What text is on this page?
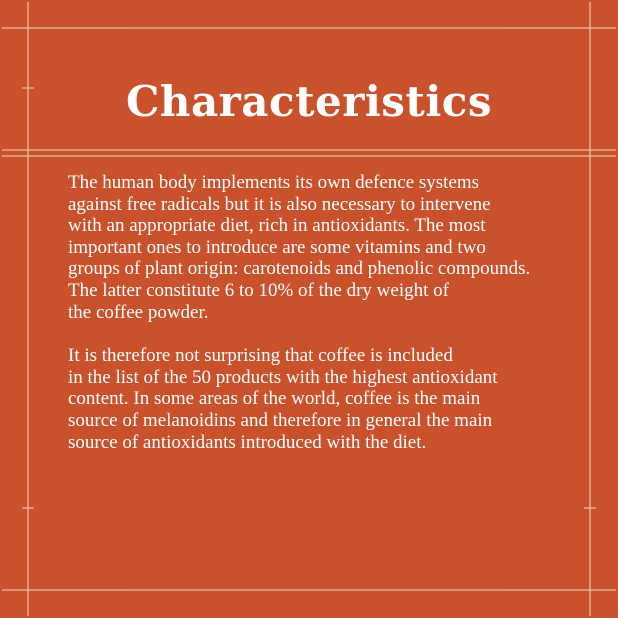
Characteristics

The human body implements its own defence systems
against free radicals but it is also necessary to intervene
with an appropriate diet, rich in antioxidants. The most
important ones to introduce are some vitamins and two
groups of plant origin: carotenoids and phenolic compounds.
The latter constitute 6 to 10% of the dry weight of
the coffee powder.

It is therefore not surprising that coffee is included
in the list of the 50 products with the highest antioxidant
content. In some areas of the world, coffee is the main
source of melanoidins and therefore in general the main
source of antioxidants introduced with the diet.
